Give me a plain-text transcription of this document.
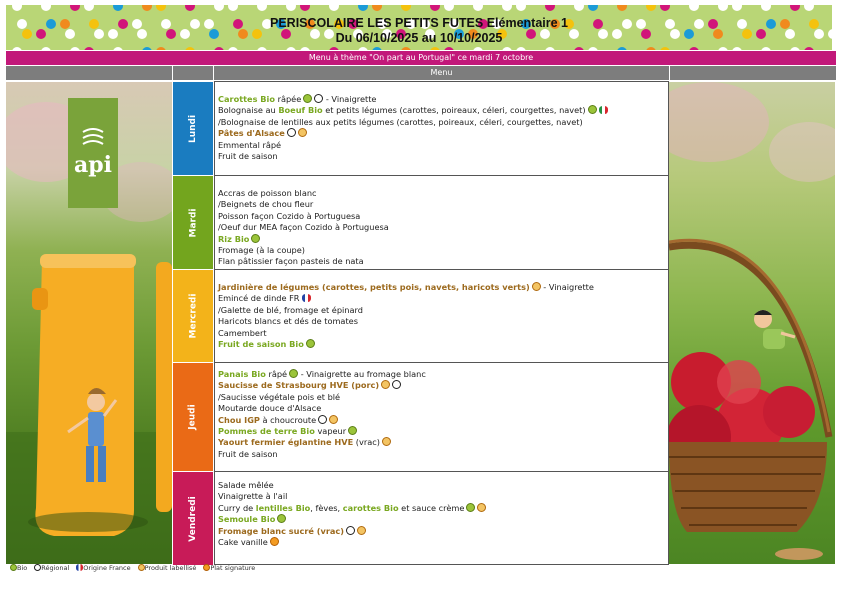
PERISCOLAIRE LES PETITS FUTES Elémentaire 1
Du 06/10/2025 au 10/10/2025
Menu à thème "On part au Portugal" ce mardi 7 octobre
Menu
api
Lundi
Mardi
Mercredi
Jeudi
Vendredi
Carottes Bio râpée	- Vinaigrette
Bolognaise au Boeuf Bio et petits légumes (carottes, poireaux, céleri, courgettes, navet)
/Bolognaise de lentilles aux petits légumes (carottes, poireaux, céleri, courgettes, navet)
Pâtes d'Alsace
Emmental râpé
Fruit de saison
Accras de poisson blanc
/Beignets de chou fleur
Poisson façon Cozido à Portuguesa
/Oeuf dur MEA façon Cozido à Portuguesa
Riz Bio
Fromage (à la coupe)
Flan pâtissier façon pasteis de nata
Jardinière de légumes (carottes, petits pois, navets, haricots verts) - Vinaigrette
Emincé de dinde FR
/Galette de blé, fromage et épinard
Haricots blancs et dés de tomates
Camembert
Fruit de saison Bio
Panais Bio râpé - Vinaigrette au fromage blanc
Saucisse de Strasbourg HVE (porc)
/Saucisse végétale pois et blé
Moutarde douce d'Alsace
Chou IGP à choucroute
Pommes de terre Bio vapeur
Yaourt fermier églantine HVE (vrac)
Fruit de saison
Salade mêlée
Vinaigrette à l'ail
Curry de lentilles Bio, fèves, carottes Bio et sauce crème
Semoule Bio
Fromage blanc sucré (vrac)
Cake vanille
Bio Régional Origine France Produit labellisé Plat signature
